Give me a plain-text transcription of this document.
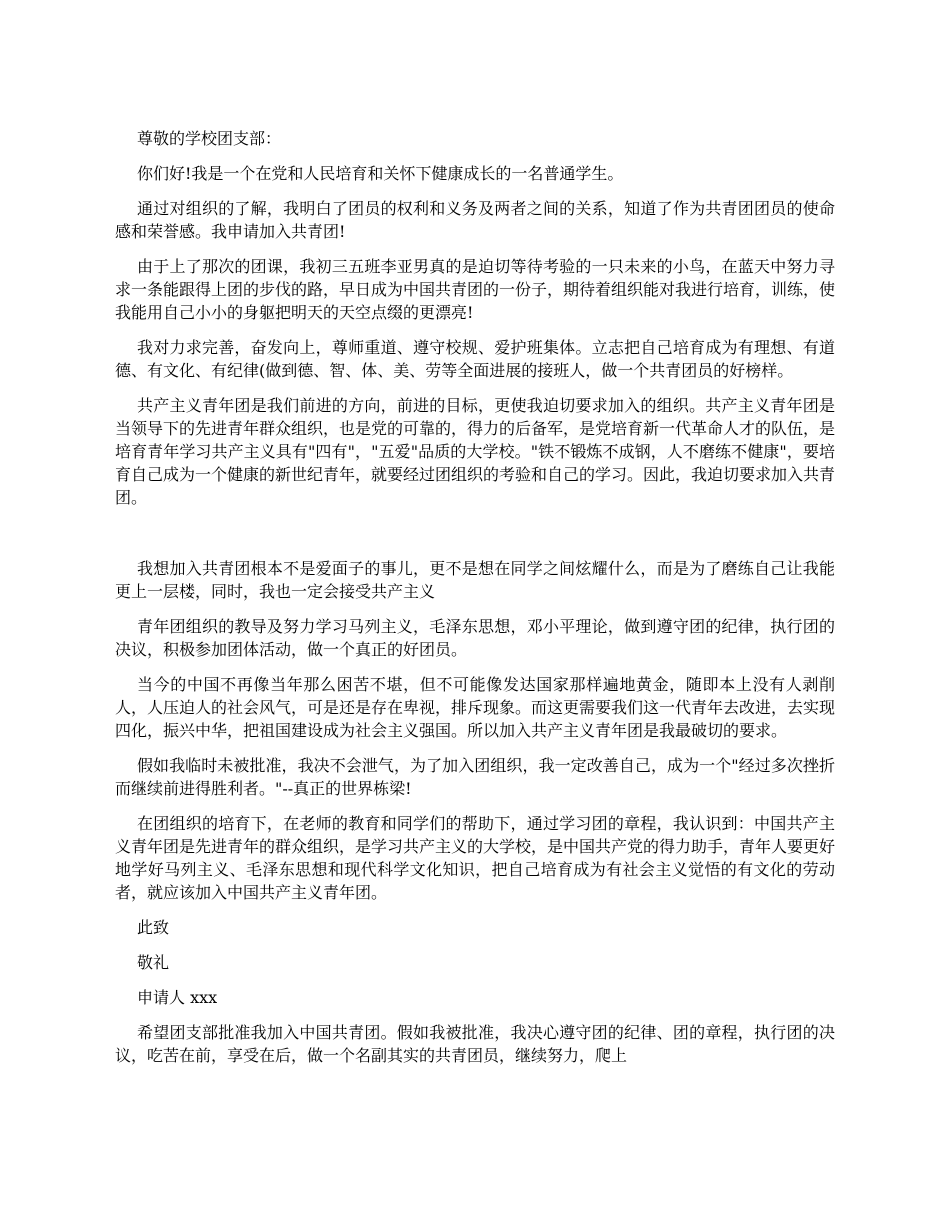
尊敬的学校团支部：

你们好!我是一个在党和人民培育和关怀下健康成长的一名普通学生。

通过对组织的了解，我明白了团员的权利和义务及两者之间的关系，知道了作为共青团团员的使命感和荣誉感。我申请加入共青团!

由于上了那次的团课，我初三五班李亚男真的是迫切等待考验的一只未来的小鸟，在蓝天中努力寻求一条能跟得上团的步伐的路，早日成为中国共青团的一份子，期待着组织能对我进行培育，训练，使我能用自己小小的身躯把明天的天空点缀的更漂亮!

我对力求完善，奋发向上，尊师重道、遵守校规、爱护班集体。立志把自己培育成为有理想、有道德、有文化、有纪律(做到德、智、体、美、劳等全面进展的接班人，做一个共青团员的好榜样。

共产主义青年团是我们前进的方向，前进的目标，更使我迫切要求加入的组织。共产主义青年团是当领导下的先进青年群众组织，也是党的可靠的，得力的后备军，是党培育新一代革命人才的队伍，是培育青年学习共产主义具有"四有"，"五爱"品质的大学校。"铁不锻炼不成钢，人不磨练不健康"，要培育自己成为一个健康的新世纪青年，就要经过团组织的考验和自己的学习。因此，我迫切要求加入共青团。

我想加入共青团根本不是爱面子的事儿，更不是想在同学之间炫耀什么，而是为了磨练自己让我能更上一层楼，同时，我也一定会接受共产主义

青年团组织的教导及努力学习马列主义，毛泽东思想，邓小平理论，做到遵守团的纪律，执行团的决议，积极参加团体活动，做一个真正的好团员。

当今的中国不再像当年那么困苦不堪，但不可能像发达国家那样遍地黄金，随即本上没有人剥削人，人压迫人的社会风气，可是还是存在卑视，排斥现象。而这更需要我们这一代青年去改进，去实现四化，振兴中华，把祖国建设成为社会主义强国。所以加入共产主义青年团是我最破切的要求。

假如我临时未被批准，我决不会泄气，为了加入团组织，我一定改善自己，成为一个"经过多次挫折而继续前进得胜利者。"--真正的世界栋梁!

在团组织的培育下，在老师的教育和同学们的帮助下，通过学习团的章程，我认识到：中国共产主义青年团是先进青年的群众组织，是学习共产主义的大学校，是中国共产党的得力助手，青年人要更好地学好马列主义、毛泽东思想和现代科学文化知识，把自己培育成为有社会主义觉悟的有文化的劳动者，就应该加入中国共产主义青年团。

此致

敬礼

申请人 xxx

希望团支部批准我加入中国共青团。假如我被批准，我决心遵守团的纪律、团的章程，执行团的决议，吃苦在前，享受在后，做一个名副其实的共青团员，继续努力，爬上
